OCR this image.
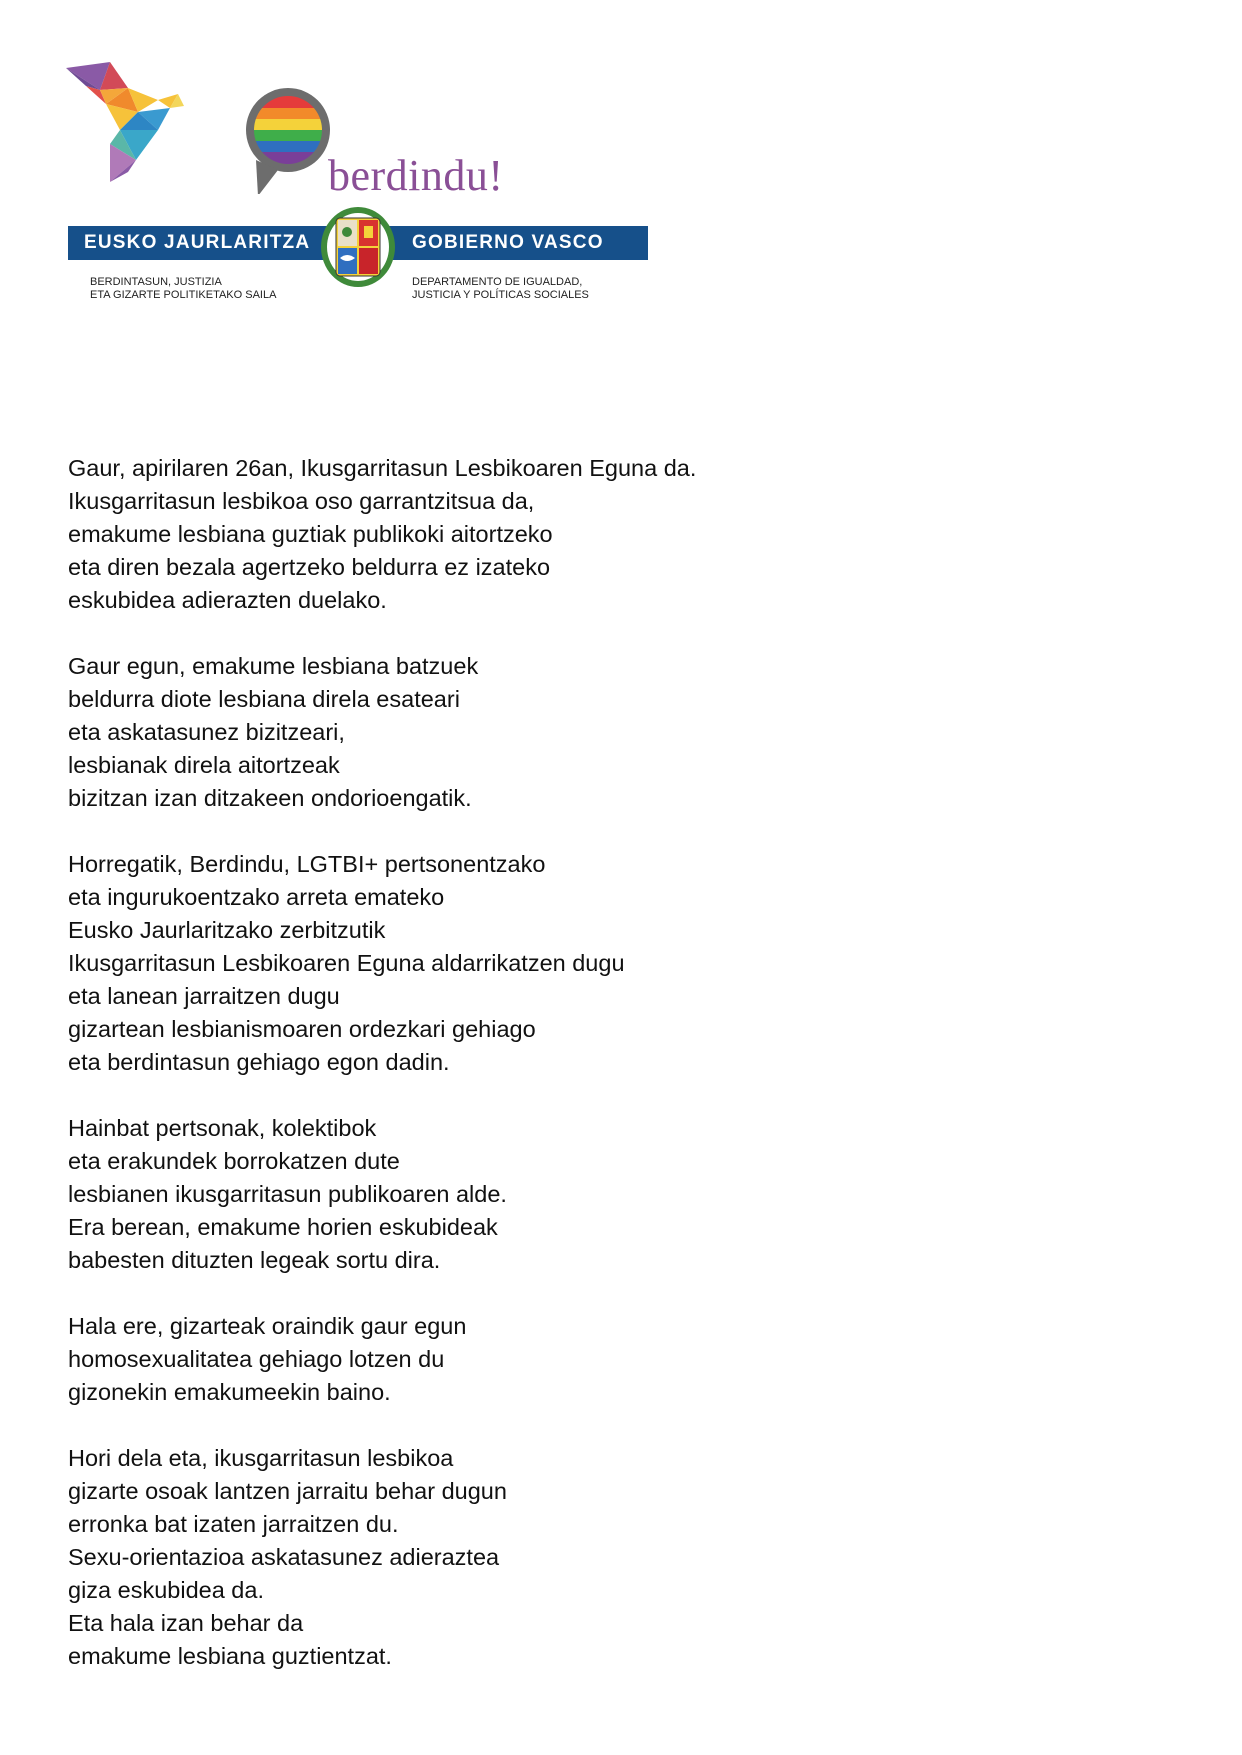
berdindu!
EUSKO JAURLARITZA	GOBIERNO VASCO
BERDINTASUN, JUSTIZIA
ETA GIZARTE POLITIKETAKO SAILA
DEPARTAMENTO DE IGUALDAD,
JUSTICIA Y POLÍTICAS SOCIALES
Gaur, apirilaren 26an, Ikusgarritasun Lesbikoaren Eguna da.
Ikusgarritasun lesbikoa oso garrantzitsua da,
emakume lesbiana guztiak publikoki aitortzeko
eta diren bezala agertzeko beldurra ez izateko
eskubidea adierazten duelako.
Gaur egun, emakume lesbiana batzuek
beldurra diote lesbiana direla esateari
eta askatasunez bizitzeari,
lesbianak direla aitortzeak
bizitzan izan ditzakeen ondorioengatik.
Horregatik, Berdindu, LGTBI+ pertsonentzako
eta ingurukoentzako arreta emateko
Eusko Jaurlaritzako zerbitzutik
Ikusgarritasun Lesbikoaren Eguna aldarrikatzen dugu
eta lanean jarraitzen dugu
gizartean lesbianismoaren ordezkari gehiago
eta berdintasun gehiago egon dadin.
Hainbat pertsonak, kolektibok
eta erakundek borrokatzen dute
lesbianen ikusgarritasun publikoaren alde.
Era berean, emakume horien eskubideak
babesten dituzten legeak sortu dira.
Hala ere, gizarteak oraindik gaur egun
homosexualitatea gehiago lotzen du
gizonekin emakumeekin baino.
Hori dela eta, ikusgarritasun lesbikoa
gizarte osoak lantzen jarraitu behar dugun
erronka bat izaten jarraitzen du.
Sexu-orientazioa askatasunez adieraztea
giza eskubidea da.
Eta hala izan behar da
emakume lesbiana guztientzat.
